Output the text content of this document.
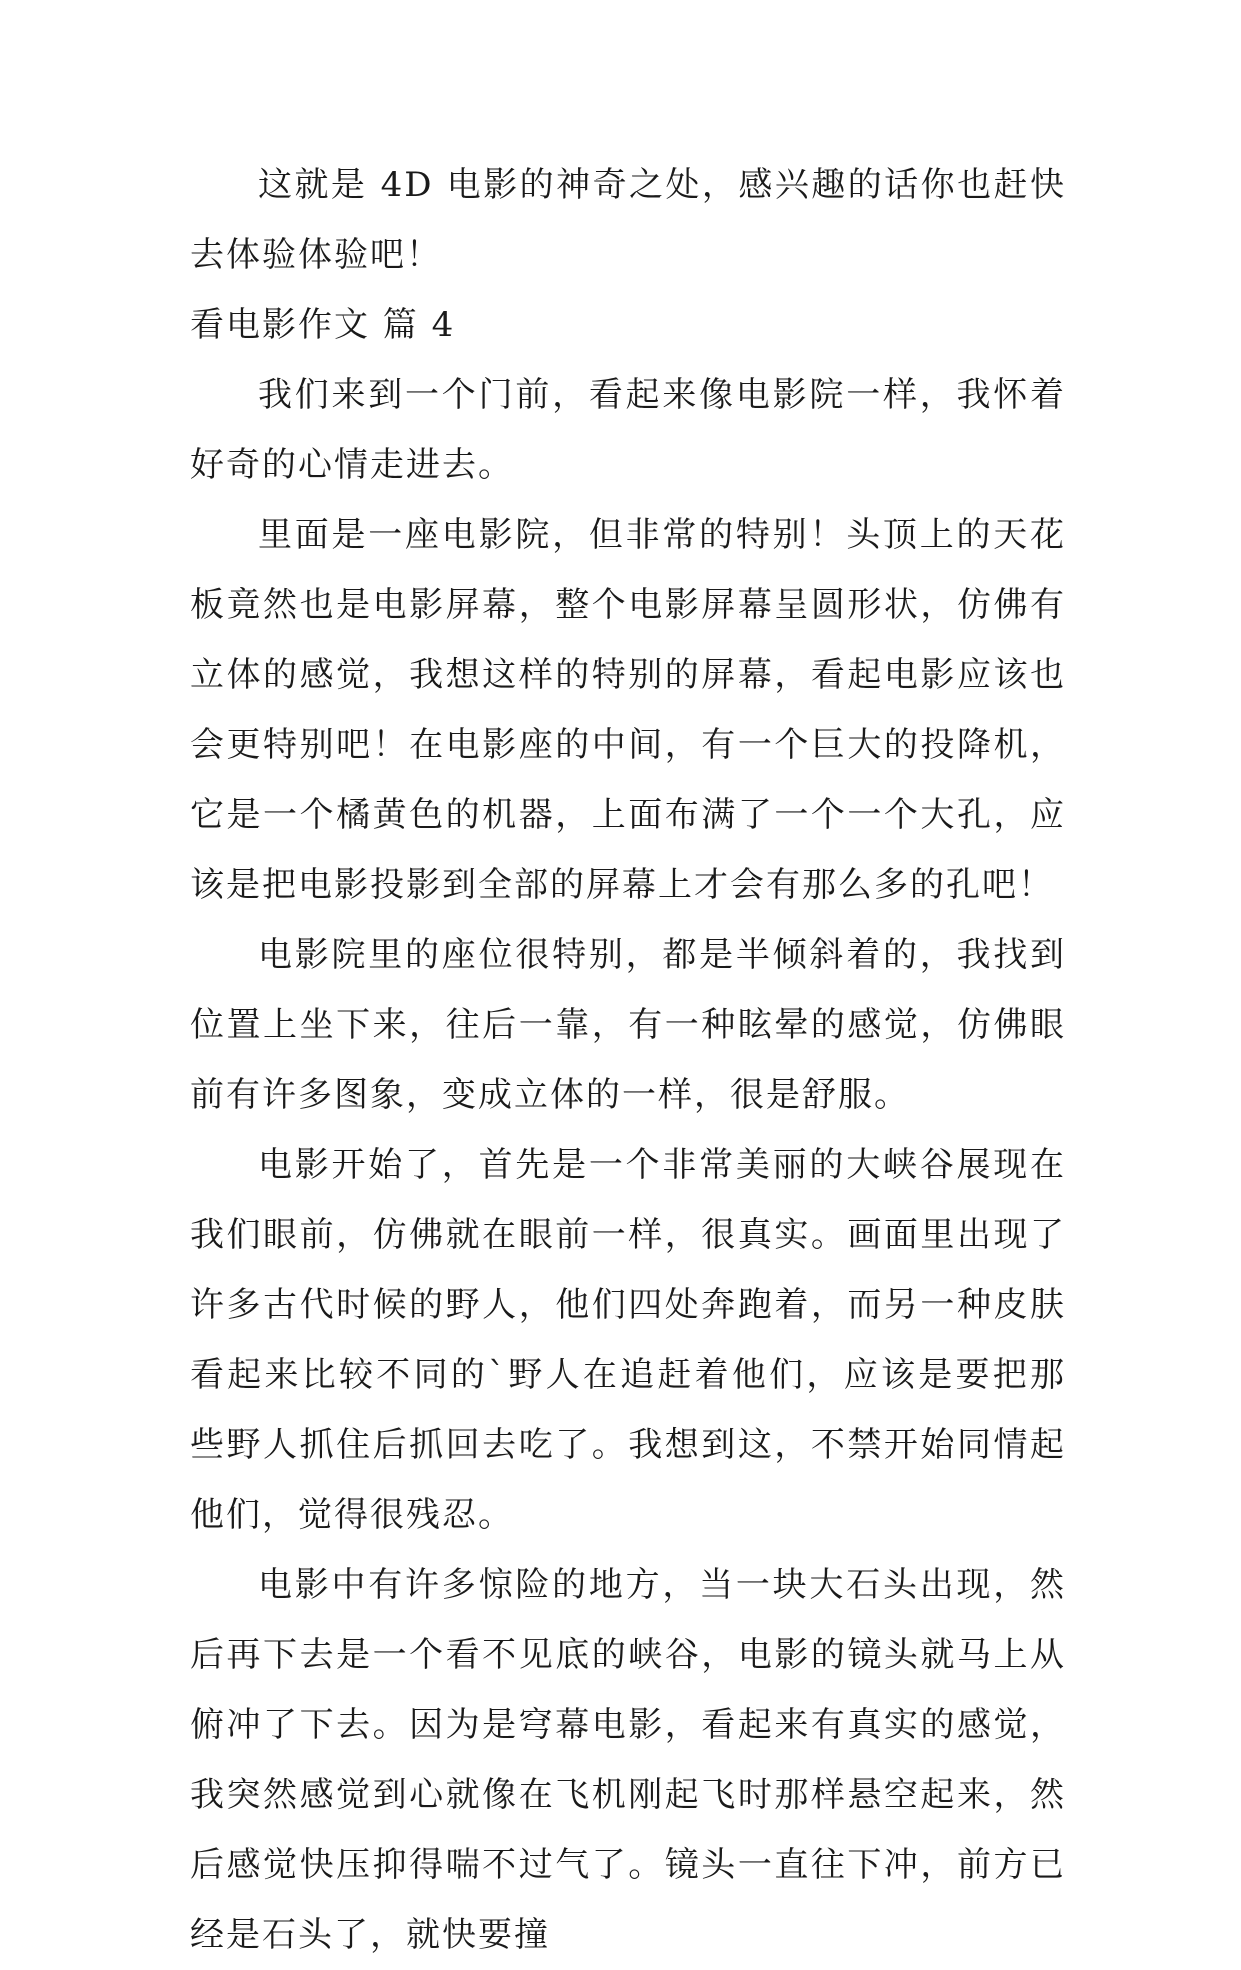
这就是 4D 电影的神奇之处，感兴趣的话你也赶快去体验体验吧！

看电影作文 篇 4

我们来到一个门前，看起来像电影院一样，我怀着好奇的心情走进去。

里面是一座电影院，但非常的特别！头顶上的天花板竟然也是电影屏幕，整个电影屏幕呈圆形状，仿佛有立体的感觉，我想这样的特别的屏幕，看起电影应该也会更特别吧！在电影座的中间，有一个巨大的投降机，它是一个橘黄色的机器，上面布满了一个一个大孔，应该是把电影投影到全部的屏幕上才会有那么多的孔吧！

电影院里的座位很特别，都是半倾斜着的，我找到位置上坐下来，往后一靠，有一种眩晕的感觉，仿佛眼前有许多图象，变成立体的一样，很是舒服。

电影开始了，首先是一个非常美丽的大峡谷展现在我们眼前，仿佛就在眼前一样，很真实。画面里出现了许多古代时候的野人，他们四处奔跑着，而另一种皮肤看起来比较不同的`野人在追赶着他们，应该是要把那些野人抓住后抓回去吃了。我想到这，不禁开始同情起他们，觉得很残忍。

电影中有许多惊险的地方，当一块大石头出现，然后再下去是一个看不见底的峡谷，电影的镜头就马上从俯冲了下去。因为是穹幕电影，看起来有真实的感觉，我突然感觉到心就像在飞机刚起飞时那样悬空起来，然后感觉快压抑得喘不过气了。镜头一直往下冲，前方已经是石头了，就快要撞
